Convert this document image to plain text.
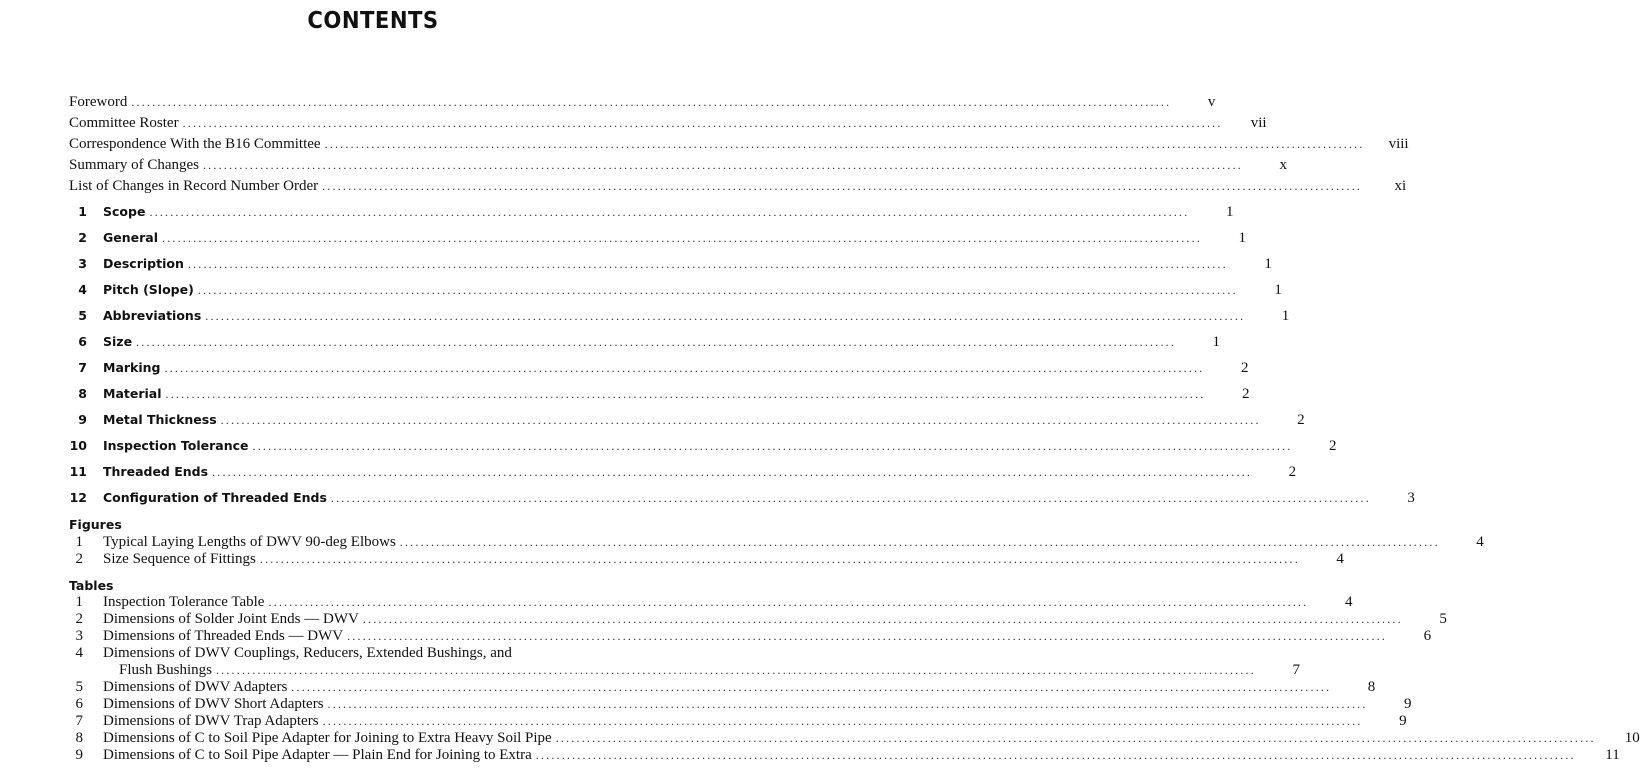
CONTENTS
Foreword ........................................................................................................................................................................................................	v
Committee Roster ........................................................................................................................................................................................................	vii
Correspondence With the B16 Committee ........................................................................................................................................................................................................	viii
Summary of Changes ........................................................................................................................................................................................................	x
List of Changes in Record Number Order ........................................................................................................................................................................................................	xi
1 Scope ........................................................................................................................................................................................................	1
2 General ........................................................................................................................................................................................................	1
3 Description ........................................................................................................................................................................................................	1
4 Pitch (Slope) ........................................................................................................................................................................................................	1
5 Abbreviations ........................................................................................................................................................................................................	1
6 Size ........................................................................................................................................................................................................	1
7 Marking ........................................................................................................................................................................................................	2
8 Material ........................................................................................................................................................................................................	2
9 Metal Thickness ........................................................................................................................................................................................................	2
10 Inspection Tolerance ........................................................................................................................................................................................................	2
11 Threaded Ends ........................................................................................................................................................................................................	2
12 Configuration of Threaded Ends ........................................................................................................................................................................................................	3
Figures
1 Typical Laying Lengths of DWV 90-deg Elbows ........................................................................................................................................................................................................	4
2 Size Sequence of Fittings ........................................................................................................................................................................................................	4
Tables
1 Inspection Tolerance Table ........................................................................................................................................................................................................	4
2 Dimensions of Solder Joint Ends — DWV ........................................................................................................................................................................................................	5
3 Dimensions of Threaded Ends — DWV ........................................................................................................................................................................................................	6
4 Dimensions of DWV Couplings, Reducers, Extended Bushings, and
Flush Bushings ........................................................................................................................................................................................................	7
5 Dimensions of DWV Adapters ........................................................................................................................................................................................................	8
6 Dimensions of DWV Short Adapters ........................................................................................................................................................................................................	9
7 Dimensions of DWV Trap Adapters ........................................................................................................................................................................................................	9
8 Dimensions of C to Soil Pipe Adapter for Joining to Extra Heavy Soil Pipe ........................................................................................................................................................................................................	10
9 Dimensions of C to Soil Pipe Adapter — Plain End for Joining to Extra ........................................................................................................................................................................................................	11
